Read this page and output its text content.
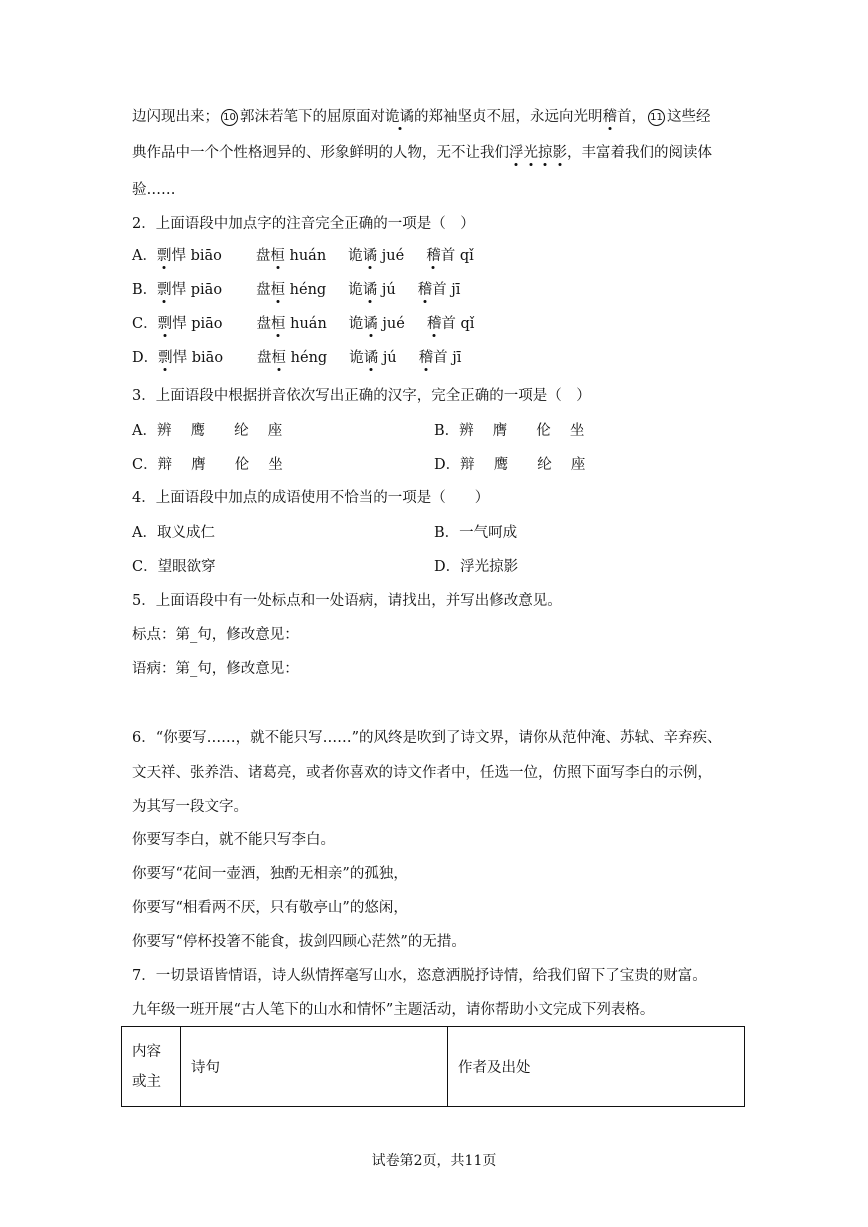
边闪现出来； 10 郭沫若笔下的屈原面对诡谲的郑袖坚贞不屈，永远向光明稽首， 11 这些经
典作品中一个个性格迥异的、形象鲜明的人物，无不让我们浮光掠影，丰富着我们的阅读体
验……
2．上面语段中加点字的注音完全正确的一项是（　）
A．剽悍 biāo 盘桓 huán 诡谲 jué 稽首 qǐ
B．剽悍 piāo 盘桓 héng 诡谲 jú 稽首 jī
C．剽悍 piāo 盘桓 huán 诡谲 jué 稽首 qǐ
D．剽悍 biāo 盘桓 héng 诡谲 jú 稽首 jī
3．上面语段中根据拼音依次写出正确的汉字，完全正确的一项是（　）
A．辨　 鹰　　纶　 座	B．辨　 膺　　伦　 坐
C．辩　 膺　　伦　 坐	D．辩　 鹰　　纶　 座
4．上面语段中加点的成语使用不恰当的一项是（　　）
A．取义成仁	B．一气呵成
C．望眼欲穿	D．浮光掠影
5．上面语段中有一处标点和一处语病，请找出，并写出修改意见。
标点：第_句，修改意见：
语病：第_句，修改意见：
6．“你要写……，就不能只写……”的风终是吹到了诗文界，请你从范仲淹、苏轼、辛弃疾、
文天祥、张养浩、诸葛亮，或者你喜欢的诗文作者中，任选一位，仿照下面写李白的示例，
为其写一段文字。
你要写李白，就不能只写李白。
你要写“花间一壶酒，独酌无相亲”的孤独，
你要写“相看两不厌，只有敬亭山”的悠闲，
你要写“停杯投箸不能食，拔剑四顾心茫然”的无措。
7．一切景语皆情语，诗人纵情挥毫写山水，恣意洒脱抒诗情，给我们留下了宝贵的财富。
九年级一班开展“古人笔下的山水和情怀”主题活动，请你帮助小文完成下列表格。
内容
或主
	诗句	作者及出处
试卷第2页，共11页
